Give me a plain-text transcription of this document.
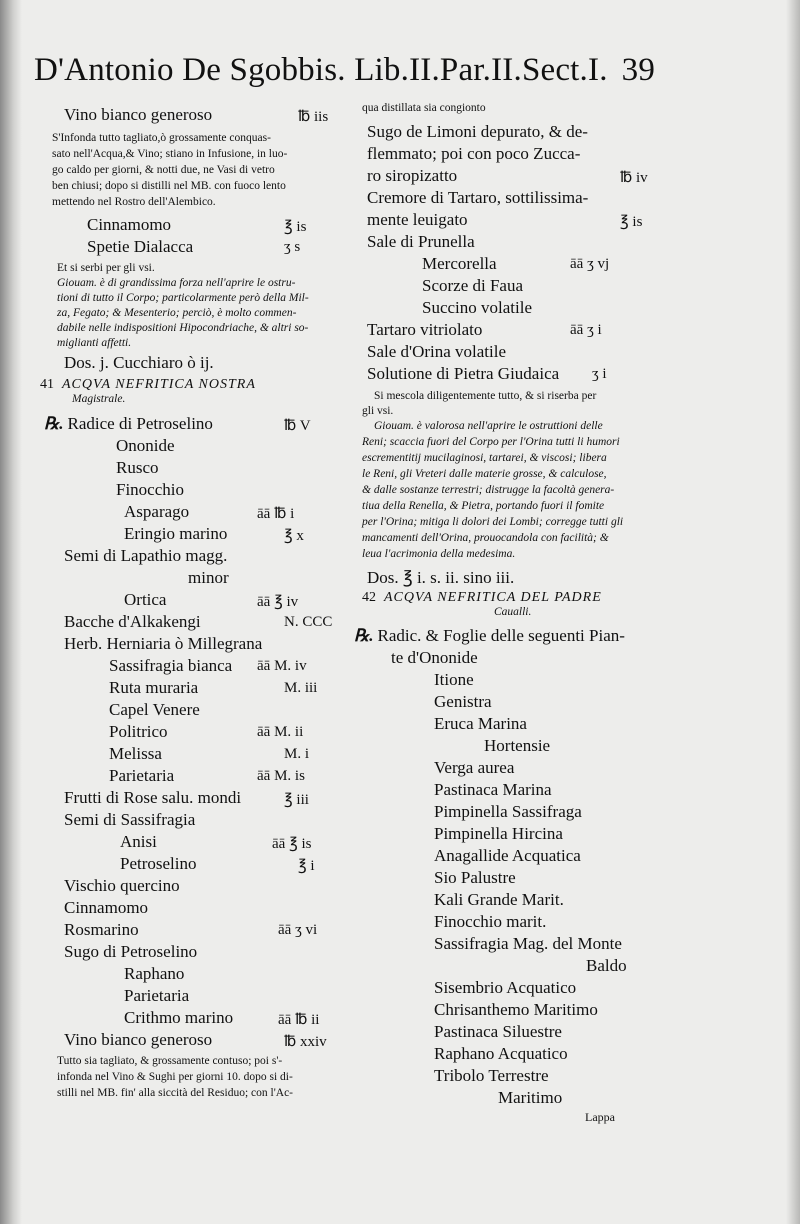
D'Antonio De Sgobbis. Lib.II.Par.II.Sect.I. 39
Vino bianco generoso	℔ iis
S'Infonda tutto tagliato,ò grossamente conquas-
sato nell'Acqua,& Vino; stiano in Infusione, in luo-
go caldo per giorni, & notti due, ne Vasi di vetro
ben chiusi; dopo si distilli nel MB. con fuoco lento
mettendo nel Rostro dell'Alembico.
Cinnamomo	℥ is
Spetie Dialacca	ʒ s
Et si serbi per gli vsi.
Giouam. è di grandissima forza nell'aprire le ostru-
tioni di tutto il Corpo; particolarmente però della Mil-
za, Fegato; & Mesenterio; perciò, è molto commen-
dabile nelle indispositioni Hipocondriache, & altri so-
miglianti affetti.
Dos. j. Cucchiaro ò ij.
41 ACQVA NEFRITICA NOSTRA
Magistrale.
℞. Radice di Petroselino	℔ V
Ononide
Rusco
Finocchio
Asparago	āā ℔ i
Eringio marino	℥ x
Semi di Lapathio magg.
minor
Ortica	āā ℥ iv
Bacche d'Alkakengi	N. CCC
Herb. Herniaria ò Millegrana
Sassifragia bianca āā M. iv
Ruta muraria	M. iii
Capel Venere
Politrico	āā M. ii
Melissa	M. i
Parietaria	āā M. is
Frutti di Rose salu. mondi	℥ iii
Semi di Sassifragia
Anisi	āā ℥ is
Petroselino	℥ i
Vischio quercino
Cinnamomo
Rosmarino	āā ʒ vi
Sugo di Petroselino
Raphano
Parietaria
Crithmo marino	āā ℔ ii
Vino bianco generoso	℔ xxiv
Tutto sia tagliato, & grossamente contuso; poi s'-
infonda nel Vino & Sughi per giorni 10. dopo si di-
stilli nel MB. fin' alla siccità del Residuo; con l'Ac-
qua distillata sia congionto
Sugo de Limoni depurato, & de-
flemmato; poi con poco Zucca-
ro siropizatto	℔ iv
Cremore di Tartaro, sottilissima-
mente leuigato	℥ is
Sale di Prunella
Mercorella	āā ʒ vj
Scorze di Faua
Succino volatile
Tartaro vitriolato	āā ʒ i
Sale d'Orina volatile
Solutione di Pietra Giudaica ʒ i
Si mescola diligentemente tutto, & si riserba per
gli vsi.
Giouam. è valorosa nell'aprire le ostruttioni delle
Reni; scaccia fuori del Corpo per l'Orina tutti li humori
escrementitij mucilaginosi, tartarei, & viscosi; libera
le Reni, gli Vreteri dalle materie grosse, & calculose,
& dalle sostanze terrestri; distrugge la facoltà genera-
tiua della Renella, & Pietra, portando fuori il fomite
per l'Orina; mitiga li dolori dei Lombi; corregge tutti gli
mancamenti dell'Orina, prouocandola con facilità; &
leua l'acrimonia della medesima.
Dos. ℥ i. s. ii. sino iii.
42 ACQVA NEFRITICA DEL PADRE
Caualli.
℞. Radic. & Foglie delle seguenti Pian-
te d'Ononide
Itione
Genistra
Eruca Marina
Hortensie
Verga aurea
Pastinaca Marina
Pimpinella Sassifraga
Pimpinella Hircina
Anagallide Acquatica
Sio Palustre
Kali Grande Marit.
Finocchio marit.
Sassifragia Mag. del Monte
Baldo
Sisembrio Acquatico
Chrisanthemo Maritimo
Pastinaca Siluestre
Raphano Acquatico
Tribolo Terrestre
Maritimo
Lappa
